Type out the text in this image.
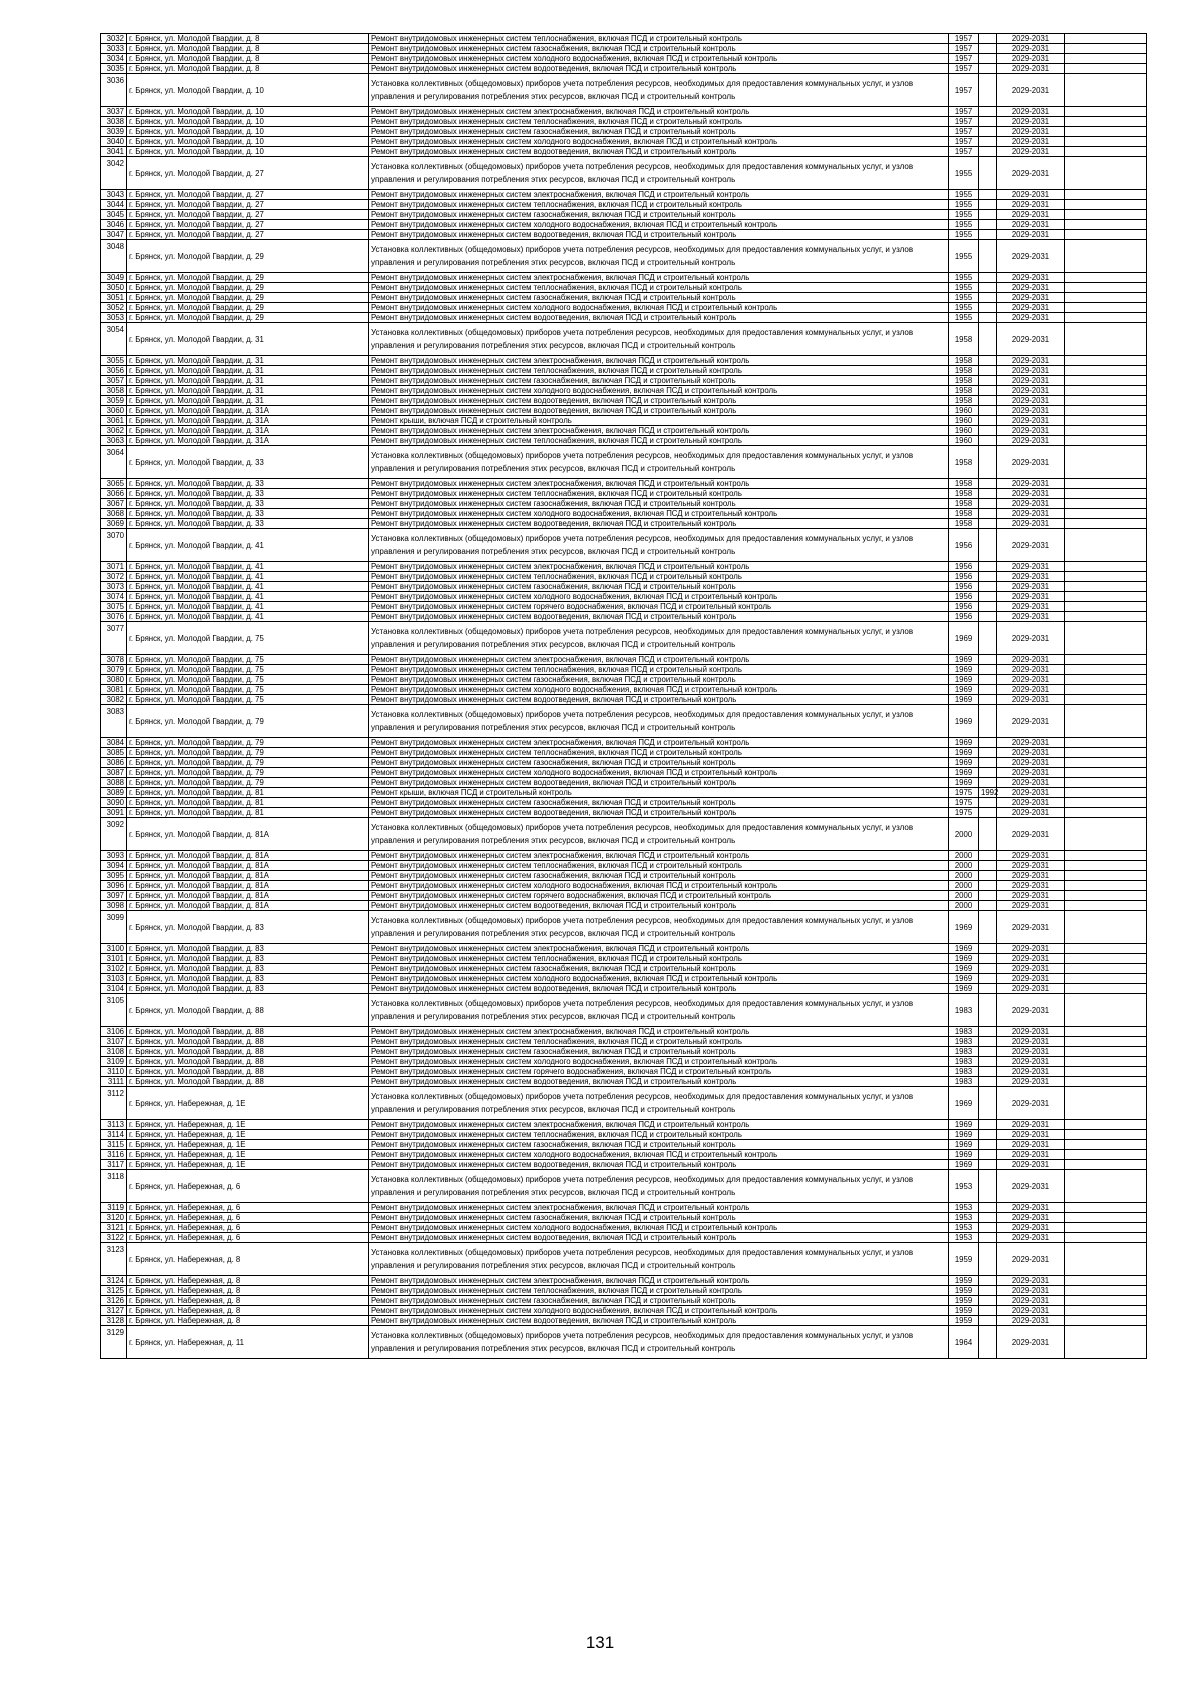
3032	г. Брянск, ул. Молодой Гвардии, д. 8	Ремонт внутридомовых инженерных систем теплоснабжения, включая ПСД и строительный контроль	1957		2029-2031	
3033	г. Брянск, ул. Молодой Гвардии, д. 8	Ремонт внутридомовых инженерных систем газоснабжения, включая ПСД и строительный контроль	1957		2029-2031	
3034	г. Брянск, ул. Молодой Гвардии, д. 8	Ремонт внутридомовых инженерных систем холодного водоснабжения, включая ПСД и строительный контроль	1957		2029-2031	
3035	г. Брянск, ул. Молодой Гвардии, д. 8	Ремонт внутридомовых инженерных систем водоотведения, включая ПСД и строительный контроль	1957		2029-2031	
3036	г. Брянск, ул. Молодой Гвардии, д. 10	Установка коллективных (общедомовых) приборов учета потребления ресурсов, необходимых для предоставления коммунальных услуг, и узлов управления и регулирования потребления этих ресурсов, включая ПСД и строительный контроль	1957		2029-2031	
3037	г. Брянск, ул. Молодой Гвардии, д. 10	Ремонт внутридомовых инженерных систем электроснабжения, включая ПСД и строительный контроль	1957		2029-2031	
3038	г. Брянск, ул. Молодой Гвардии, д. 10	Ремонт внутридомовых инженерных систем теплоснабжения, включая ПСД и строительный контроль	1957		2029-2031	
3039	г. Брянск, ул. Молодой Гвардии, д. 10	Ремонт внутридомовых инженерных систем газоснабжения, включая ПСД и строительный контроль	1957		2029-2031	
3040	г. Брянск, ул. Молодой Гвардии, д. 10	Ремонт внутридомовых инженерных систем холодного водоснабжения, включая ПСД и строительный контроль	1957		2029-2031	
3041	г. Брянск, ул. Молодой Гвардии, д. 10	Ремонт внутридомовых инженерных систем водоотведения, включая ПСД и строительный контроль	1957		2029-2031	
3042	г. Брянск, ул. Молодой Гвардии, д. 27	Установка коллективных (общедомовых) приборов учета потребления ресурсов, необходимых для предоставления коммунальных услуг, и узлов управления и регулирования потребления этих ресурсов, включая ПСД и строительный контроль	1955		2029-2031	
3043	г. Брянск, ул. Молодой Гвардии, д. 27	Ремонт внутридомовых инженерных систем электроснабжения, включая ПСД и строительный контроль	1955		2029-2031	
3044	г. Брянск, ул. Молодой Гвардии, д. 27	Ремонт внутридомовых инженерных систем теплоснабжения, включая ПСД и строительный контроль	1955		2029-2031	
3045	г. Брянск, ул. Молодой Гвардии, д. 27	Ремонт внутридомовых инженерных систем газоснабжения, включая ПСД и строительный контроль	1955		2029-2031	
3046	г. Брянск, ул. Молодой Гвардии, д. 27	Ремонт внутридомовых инженерных систем холодного водоснабжения, включая ПСД и строительный контроль	1955		2029-2031	
3047	г. Брянск, ул. Молодой Гвардии, д. 27	Ремонт внутридомовых инженерных систем водоотведения, включая ПСД и строительный контроль	1955		2029-2031	
3048	г. Брянск, ул. Молодой Гвардии, д. 29	Установка коллективных (общедомовых) приборов учета потребления ресурсов, необходимых для предоставления коммунальных услуг, и узлов управления и регулирования потребления этих ресурсов, включая ПСД и строительный контроль	1955		2029-2031	
3049	г. Брянск, ул. Молодой Гвардии, д. 29	Ремонт внутридомовых инженерных систем электроснабжения, включая ПСД и строительный контроль	1955		2029-2031	
3050	г. Брянск, ул. Молодой Гвардии, д. 29	Ремонт внутридомовых инженерных систем теплоснабжения, включая ПСД и строительный контроль	1955		2029-2031	
3051	г. Брянск, ул. Молодой Гвардии, д. 29	Ремонт внутридомовых инженерных систем газоснабжения, включая ПСД и строительный контроль	1955		2029-2031	
3052	г. Брянск, ул. Молодой Гвардии, д. 29	Ремонт внутридомовых инженерных систем холодного водоснабжения, включая ПСД и строительный контроль	1955		2029-2031	
3053	г. Брянск, ул. Молодой Гвардии, д. 29	Ремонт внутридомовых инженерных систем водоотведения, включая ПСД и строительный контроль	1955		2029-2031	
3054	г. Брянск, ул. Молодой Гвардии, д. 31	Установка коллективных (общедомовых) приборов учета потребления ресурсов, необходимых для предоставления коммунальных услуг, и узлов управления и регулирования потребления этих ресурсов, включая ПСД и строительный контроль	1958		2029-2031	
3055	г. Брянск, ул. Молодой Гвардии, д. 31	Ремонт внутридомовых инженерных систем электроснабжения, включая ПСД и строительный контроль	1958		2029-2031	
3056	г. Брянск, ул. Молодой Гвардии, д. 31	Ремонт внутридомовых инженерных систем теплоснабжения, включая ПСД и строительный контроль	1958		2029-2031	
3057	г. Брянск, ул. Молодой Гвардии, д. 31	Ремонт внутридомовых инженерных систем газоснабжения, включая ПСД и строительный контроль	1958		2029-2031	
3058	г. Брянск, ул. Молодой Гвардии, д. 31	Ремонт внутридомовых инженерных систем холодного водоснабжения, включая ПСД и строительный контроль	1958		2029-2031	
3059	г. Брянск, ул. Молодой Гвардии, д. 31	Ремонт внутридомовых инженерных систем водоотведения, включая ПСД и строительный контроль	1958		2029-2031	
3060	г. Брянск, ул. Молодой Гвардии, д. 31А	Ремонт внутридомовых инженерных систем водоотведения, включая ПСД и строительный контроль	1960		2029-2031	
3061	г. Брянск, ул. Молодой Гвардии, д. 31А	Ремонт крыши, включая ПСД и строительный контроль	1960		2029-2031	
3062	г. Брянск, ул. Молодой Гвардии, д. 31А	Ремонт внутридомовых инженерных систем электроснабжения, включая ПСД и строительный контроль	1960		2029-2031	
3063	г. Брянск, ул. Молодой Гвардии, д. 31А	Ремонт внутридомовых инженерных систем теплоснабжения, включая ПСД и строительный контроль	1960		2029-2031	
3064	г. Брянск, ул. Молодой Гвардии, д. 33	Установка коллективных (общедомовых) приборов учета потребления ресурсов, необходимых для предоставления коммунальных услуг, и узлов управления и регулирования потребления этих ресурсов, включая ПСД и строительный контроль	1958		2029-2031	
3065	г. Брянск, ул. Молодой Гвардии, д. 33	Ремонт внутридомовых инженерных систем электроснабжения, включая ПСД и строительный контроль	1958		2029-2031	
3066	г. Брянск, ул. Молодой Гвардии, д. 33	Ремонт внутридомовых инженерных систем теплоснабжения, включая ПСД и строительный контроль	1958		2029-2031	
3067	г. Брянск, ул. Молодой Гвардии, д. 33	Ремонт внутридомовых инженерных систем газоснабжения, включая ПСД и строительный контроль	1958		2029-2031	
3068	г. Брянск, ул. Молодой Гвардии, д. 33	Ремонт внутридомовых инженерных систем холодного водоснабжения, включая ПСД и строительный контроль	1958		2029-2031	
3069	г. Брянск, ул. Молодой Гвардии, д. 33	Ремонт внутридомовых инженерных систем водоотведения, включая ПСД и строительный контроль	1958		2029-2031	
3070	г. Брянск, ул. Молодой Гвардии, д. 41	Установка коллективных (общедомовых) приборов учета потребления ресурсов, необходимых для предоставления коммунальных услуг, и узлов управления и регулирования потребления этих ресурсов, включая ПСД и строительный контроль	1956		2029-2031	
3071	г. Брянск, ул. Молодой Гвардии, д. 41	Ремонт внутридомовых инженерных систем электроснабжения, включая ПСД и строительный контроль	1956		2029-2031	
3072	г. Брянск, ул. Молодой Гвардии, д. 41	Ремонт внутридомовых инженерных систем теплоснабжения, включая ПСД и строительный контроль	1956		2029-2031	
3073	г. Брянск, ул. Молодой Гвардии, д. 41	Ремонт внутридомовых инженерных систем газоснабжения, включая ПСД и строительный контроль	1956		2029-2031	
3074	г. Брянск, ул. Молодой Гвардии, д. 41	Ремонт внутридомовых инженерных систем холодного водоснабжения, включая ПСД и строительный контроль	1956		2029-2031	
3075	г. Брянск, ул. Молодой Гвардии, д. 41	Ремонт внутридомовых инженерных систем горячего водоснабжения, включая ПСД и строительный контроль	1956		2029-2031	
3076	г. Брянск, ул. Молодой Гвардии, д. 41	Ремонт внутридомовых инженерных систем водоотведения, включая ПСД и строительный контроль	1956		2029-2031	
3077	г. Брянск, ул. Молодой Гвардии, д. 75	Установка коллективных (общедомовых) приборов учета потребления ресурсов, необходимых для предоставления коммунальных услуг, и узлов управления и регулирования потребления этих ресурсов, включая ПСД и строительный контроль	1969		2029-2031	
3078	г. Брянск, ул. Молодой Гвардии, д. 75	Ремонт внутридомовых инженерных систем электроснабжения, включая ПСД и строительный контроль	1969		2029-2031	
3079	г. Брянск, ул. Молодой Гвардии, д. 75	Ремонт внутридомовых инженерных систем теплоснабжения, включая ПСД и строительный контроль	1969		2029-2031	
3080	г. Брянск, ул. Молодой Гвардии, д. 75	Ремонт внутридомовых инженерных систем газоснабжения, включая ПСД и строительный контроль	1969		2029-2031	
3081	г. Брянск, ул. Молодой Гвардии, д. 75	Ремонт внутридомовых инженерных систем холодного водоснабжения, включая ПСД и строительный контроль	1969		2029-2031	
3082	г. Брянск, ул. Молодой Гвардии, д. 75	Ремонт внутридомовых инженерных систем водоотведения, включая ПСД и строительный контроль	1969		2029-2031	
3083	г. Брянск, ул. Молодой Гвардии, д. 79	Установка коллективных (общедомовых) приборов учета потребления ресурсов, необходимых для предоставления коммунальных услуг, и узлов управления и регулирования потребления этих ресурсов, включая ПСД и строительный контроль	1969		2029-2031	
3084	г. Брянск, ул. Молодой Гвардии, д. 79	Ремонт внутридомовых инженерных систем электроснабжения, включая ПСД и строительный контроль	1969		2029-2031	
3085	г. Брянск, ул. Молодой Гвардии, д. 79	Ремонт внутридомовых инженерных систем теплоснабжения, включая ПСД и строительный контроль	1969		2029-2031	
3086	г. Брянск, ул. Молодой Гвардии, д. 79	Ремонт внутридомовых инженерных систем газоснабжения, включая ПСД и строительный контроль	1969		2029-2031	
3087	г. Брянск, ул. Молодой Гвардии, д. 79	Ремонт внутридомовых инженерных систем холодного водоснабжения, включая ПСД и строительный контроль	1969		2029-2031	
3088	г. Брянск, ул. Молодой Гвардии, д. 79	Ремонт внутридомовых инженерных систем водоотведения, включая ПСД и строительный контроль	1969		2029-2031	
3089	г. Брянск, ул. Молодой Гвардии, д. 81	Ремонт крыши, включая ПСД и строительный контроль	1975	1992	2029-2031	
3090	г. Брянск, ул. Молодой Гвардии, д. 81	Ремонт внутридомовых инженерных систем газоснабжения, включая ПСД и строительный контроль	1975		2029-2031	
3091	г. Брянск, ул. Молодой Гвардии, д. 81	Ремонт внутридомовых инженерных систем водоотведения, включая ПСД и строительный контроль	1975		2029-2031	
3092	г. Брянск, ул. Молодой Гвардии, д. 81А	Установка коллективных (общедомовых) приборов учета потребления ресурсов, необходимых для предоставления коммунальных услуг, и узлов управления и регулирования потребления этих ресурсов, включая ПСД и строительный контроль	2000		2029-2031	
3093	г. Брянск, ул. Молодой Гвардии, д. 81А	Ремонт внутридомовых инженерных систем электроснабжения, включая ПСД и строительный контроль	2000		2029-2031	
3094	г. Брянск, ул. Молодой Гвардии, д. 81А	Ремонт внутридомовых инженерных систем теплоснабжения, включая ПСД и строительный контроль	2000		2029-2031	
3095	г. Брянск, ул. Молодой Гвардии, д. 81А	Ремонт внутридомовых инженерных систем газоснабжения, включая ПСД и строительный контроль	2000		2029-2031	
3096	г. Брянск, ул. Молодой Гвардии, д. 81А	Ремонт внутридомовых инженерных систем холодного водоснабжения, включая ПСД и строительный контроль	2000		2029-2031	
3097	г. Брянск, ул. Молодой Гвардии, д. 81А	Ремонт внутридомовых инженерных систем горячего водоснабжения, включая ПСД и строительный контроль	2000		2029-2031	
3098	г. Брянск, ул. Молодой Гвардии, д. 81А	Ремонт внутридомовых инженерных систем водоотведения, включая ПСД и строительный контроль	2000		2029-2031	
3099	г. Брянск, ул. Молодой Гвардии, д. 83	Установка коллективных (общедомовых) приборов учета потребления ресурсов, необходимых для предоставления коммунальных услуг, и узлов управления и регулирования потребления этих ресурсов, включая ПСД и строительный контроль	1969		2029-2031	
3100	г. Брянск, ул. Молодой Гвардии, д. 83	Ремонт внутридомовых инженерных систем электроснабжения, включая ПСД и строительный контроль	1969		2029-2031	
3101	г. Брянск, ул. Молодой Гвардии, д. 83	Ремонт внутридомовых инженерных систем теплоснабжения, включая ПСД и строительный контроль	1969		2029-2031	
3102	г. Брянск, ул. Молодой Гвардии, д. 83	Ремонт внутридомовых инженерных систем газоснабжения, включая ПСД и строительный контроль	1969		2029-2031	
3103	г. Брянск, ул. Молодой Гвардии, д. 83	Ремонт внутридомовых инженерных систем холодного водоснабжения, включая ПСД и строительный контроль	1969		2029-2031	
3104	г. Брянск, ул. Молодой Гвардии, д. 83	Ремонт внутридомовых инженерных систем водоотведения, включая ПСД и строительный контроль	1969		2029-2031	
3105	г. Брянск, ул. Молодой Гвардии, д. 88	Установка коллективных (общедомовых) приборов учета потребления ресурсов, необходимых для предоставления коммунальных услуг, и узлов управления и регулирования потребления этих ресурсов, включая ПСД и строительный контроль	1983		2029-2031	
3106	г. Брянск, ул. Молодой Гвардии, д. 88	Ремонт внутридомовых инженерных систем электроснабжения, включая ПСД и строительный контроль	1983		2029-2031	
3107	г. Брянск, ул. Молодой Гвардии, д. 88	Ремонт внутридомовых инженерных систем теплоснабжения, включая ПСД и строительный контроль	1983		2029-2031	
3108	г. Брянск, ул. Молодой Гвардии, д. 88	Ремонт внутридомовых инженерных систем газоснабжения, включая ПСД и строительный контроль	1983		2029-2031	
3109	г. Брянск, ул. Молодой Гвардии, д. 88	Ремонт внутридомовых инженерных систем холодного водоснабжения, включая ПСД и строительный контроль	1983		2029-2031	
3110	г. Брянск, ул. Молодой Гвардии, д. 88	Ремонт внутридомовых инженерных систем горячего водоснабжения, включая ПСД и строительный контроль	1983		2029-2031	
3111	г. Брянск, ул. Молодой Гвардии, д. 88	Ремонт внутридомовых инженерных систем водоотведения, включая ПСД и строительный контроль	1983		2029-2031	
3112	г. Брянск, ул. Набережная, д. 1Е	Установка коллективных (общедомовых) приборов учета потребления ресурсов, необходимых для предоставления коммунальных услуг, и узлов управления и регулирования потребления этих ресурсов, включая ПСД и строительный контроль	1969		2029-2031	
3113	г. Брянск, ул. Набережная, д. 1Е	Ремонт внутридомовых инженерных систем электроснабжения, включая ПСД и строительный контроль	1969		2029-2031	
3114	г. Брянск, ул. Набережная, д. 1Е	Ремонт внутридомовых инженерных систем теплоснабжения, включая ПСД и строительный контроль	1969		2029-2031	
3115	г. Брянск, ул. Набережная, д. 1Е	Ремонт внутридомовых инженерных систем газоснабжения, включая ПСД и строительный контроль	1969		2029-2031	
3116	г. Брянск, ул. Набережная, д. 1Е	Ремонт внутридомовых инженерных систем холодного водоснабжения, включая ПСД и строительный контроль	1969		2029-2031	
3117	г. Брянск, ул. Набережная, д. 1Е	Ремонт внутридомовых инженерных систем водоотведения, включая ПСД и строительный контроль	1969		2029-2031	
3118	г. Брянск, ул. Набережная, д. 6	Установка коллективных (общедомовых) приборов учета потребления ресурсов, необходимых для предоставления коммунальных услуг, и узлов управления и регулирования потребления этих ресурсов, включая ПСД и строительный контроль	1953		2029-2031	
3119	г. Брянск, ул. Набережная, д. 6	Ремонт внутридомовых инженерных систем электроснабжения, включая ПСД и строительный контроль	1953		2029-2031	
3120	г. Брянск, ул. Набережная, д. 6	Ремонт внутридомовых инженерных систем газоснабжения, включая ПСД и строительный контроль	1953		2029-2031	
3121	г. Брянск, ул. Набережная, д. 6	Ремонт внутридомовых инженерных систем холодного водоснабжения, включая ПСД и строительный контроль	1953		2029-2031	
3122	г. Брянск, ул. Набережная, д. 6	Ремонт внутридомовых инженерных систем водоотведения, включая ПСД и строительный контроль	1953		2029-2031	
3123	г. Брянск, ул. Набережная, д. 8	Установка коллективных (общедомовых) приборов учета потребления ресурсов, необходимых для предоставления коммунальных услуг, и узлов управления и регулирования потребления этих ресурсов, включая ПСД и строительный контроль	1959		2029-2031	
3124	г. Брянск, ул. Набережная, д. 8	Ремонт внутридомовых инженерных систем электроснабжения, включая ПСД и строительный контроль	1959		2029-2031	
3125	г. Брянск, ул. Набережная, д. 8	Ремонт внутридомовых инженерных систем теплоснабжения, включая ПСД и строительный контроль	1959		2029-2031	
3126	г. Брянск, ул. Набережная, д. 8	Ремонт внутридомовых инженерных систем газоснабжения, включая ПСД и строительный контроль	1959		2029-2031	
3127	г. Брянск, ул. Набережная, д. 8	Ремонт внутридомовых инженерных систем холодного водоснабжения, включая ПСД и строительный контроль	1959		2029-2031	
3128	г. Брянск, ул. Набережная, д. 8	Ремонт внутридомовых инженерных систем водоотведения, включая ПСД и строительный контроль	1959		2029-2031	
3129	г. Брянск, ул. Набережная, д. 11	Установка коллективных (общедомовых) приборов учета потребления ресурсов, необходимых для предоставления коммунальных услуг, и узлов управления и регулирования потребления этих ресурсов, включая ПСД и строительный контроль	1964		2029-2031	
131
